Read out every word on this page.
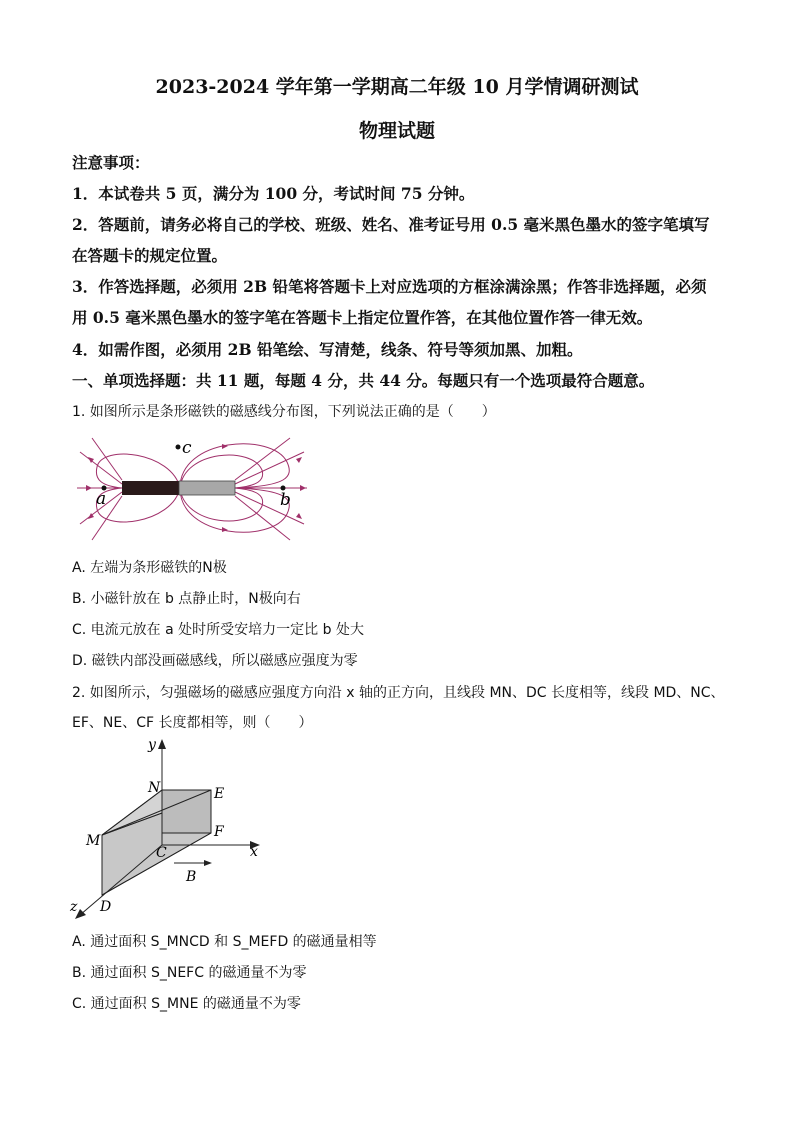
2023-2024 学年第一学期高二年级 10 月学情调研测试
物理试题
注意事项：
1．本试卷共 5 页，满分为 100 分，考试时间 75 分钟。
2．答题前，请务必将自己的学校、班级、姓名、准考证号用 0.5 毫米黑色墨水的签字笔填写
在答题卡的规定位置。
3．作答选择题，必须用 2B 铅笔将答题卡上对应选项的方框涂满涂黑；作答非选择题，必须
用 0.5 毫米黑色墨水的签字笔在答题卡上指定位置作答，在其他位置作答一律无效。
4．如需作图，必须用 2B 铅笔绘、写清楚，线条、符号等须加黑、加粗。
一、单项选择题：共 11 题，每题 4 分，共 44 分。每题只有一个选项最符合题意。
1. 如图所示是条形磁铁的磁感线分布图，下列说法正确的是（　　）
a	b
c
A. 左端为条形磁铁的N极
B. 小磁针放在 b 点静止时，N极向右
C. 电流元放在 a 处时所受安培力一定比 b 处大
D. 磁铁内部没画磁感线，所以磁感应强度为零
2. 如图所示，匀强磁场的磁感应强度方向沿 x 轴的正方向，且线段 MN、DC 长度相等，线段 MD、NC、
EF、NE、CF 长度都相等，则（　　）
y
x
z
N	E
M
F
C
D
B
A. 通过面积 S_MNCD 和 S_MEFD 的磁通量相等
B. 通过面积 S_NEFC 的磁通量不为零
C. 通过面积 S_MNE 的磁通量不为零
